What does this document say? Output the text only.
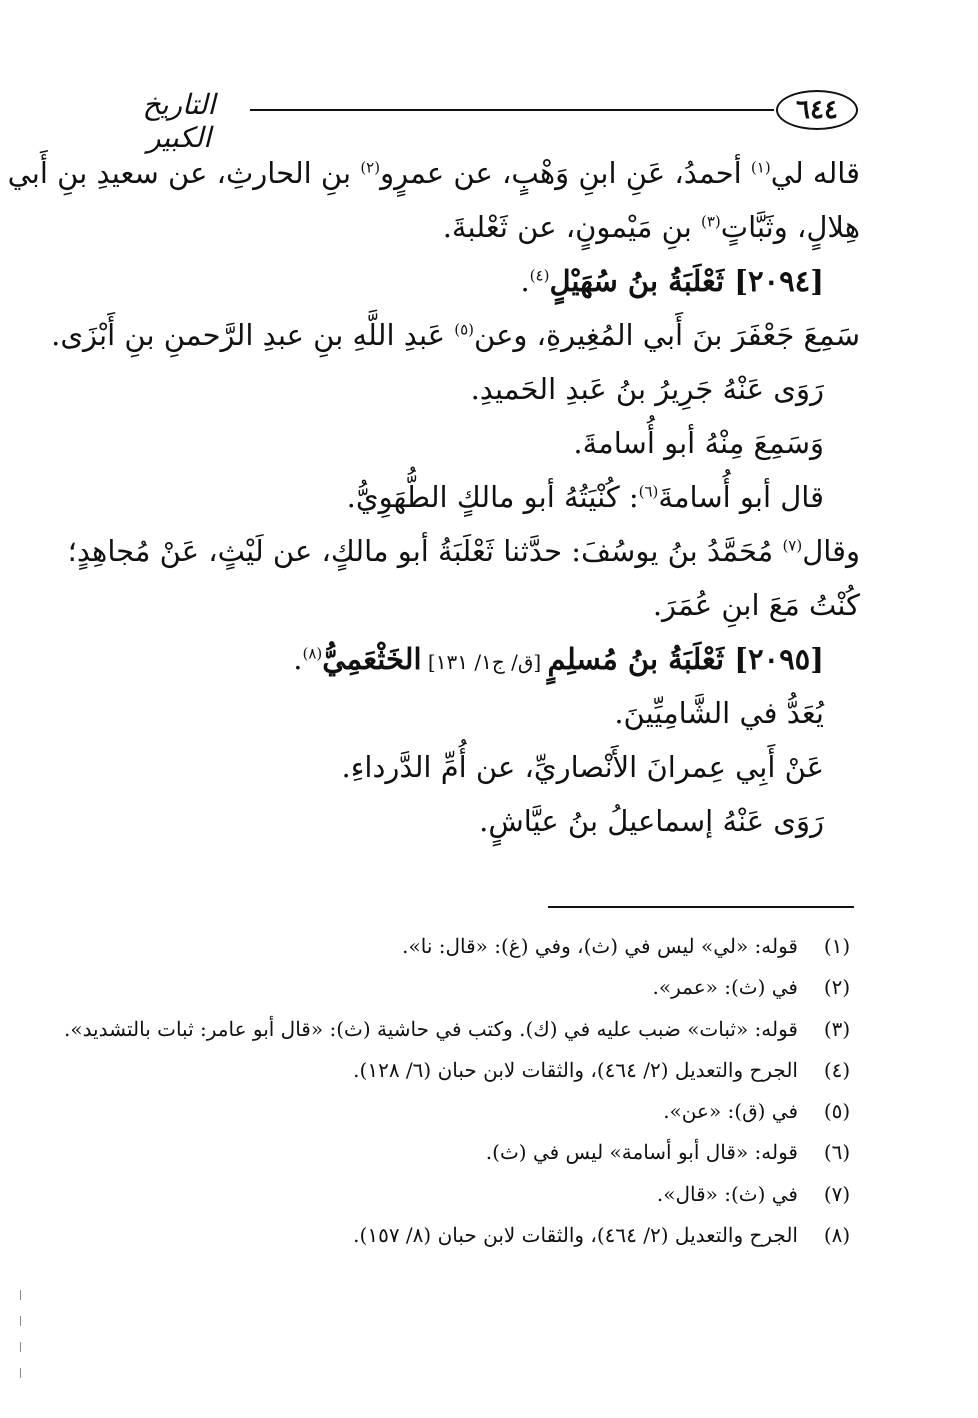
التاريخ الكبير
٦٤٤
قاله لي$^{(١)}$ أحمدُ، عَنِ ابنِ وَهْبٍ، عن عمرٍو$^{(٢)}$ بنِ الحارثِ، عن سعيدِ بنِ أَبي
هِلالٍ، وثَبَّاتٍ$^{(٣)}$ بنِ مَيْمونٍ، عن ثَعْلبةَ.
[٢٠٩٤] ثَعْلَبَةُ بنُ سُهَيْلٍ$^{(٤)}$.
سَمِعَ جَعْفَرَ بنَ أَبي المُغِيرةِ، وعن$^{(٥)}$ عَبدِ اللَّهِ بنِ عبدِ الرَّحمنِ بنِ أَبْزَى.
رَوَى عَنْهُ جَرِيرُ بنُ عَبدِ الحَميدِ.
وَسَمِعَ مِنْهُ أبو أُسامةَ.
قال أبو أُسامةَ$^{(٦)}$: كُنْيَتُهُ أبو مالكٍ الطُّهَوِيُّ.
وقال$^{(٧)}$ مُحَمَّدُ بنُ يوسُفَ: حدَّثنا ثَعْلَبَةُ أبو مالكٍ، عن لَيْثٍ، عَنْ مُجاهِدٍ؛
كُنْتُ مَعَ ابنِ عُمَرَ.
[٢٠٩٥] ثَعْلَبَةُ بنُ مُسلِمٍ [ق/ ج١/ ١٣١] الخَثْعَمِيُّ$^{(٨)}$.
يُعَدُّ في الشَّامِيِّينَ.
عَنْ أَبِي عِمرانَ الأَنْصاريِّ، عن أُمِّ الدَّرداءِ.
رَوَى عَنْهُ إسماعيلُ بنُ عيَّاشٍ.
(١)
قوله: «لي» ليس في (ث)، وفي (غ): «قال: نا».
(٢)
في (ث): «عمر».
(٣)
قوله: «ثبات» ضبب عليه في (ك). وكتب في حاشية (ث): «قال أبو عامر: ثبات بالتشديد».
(٤)
الجرح والتعديل (٢/ ٤٦٤)، والثقات لابن حبان (٦/ ١٢٨).
(٥)
في (ق): «عن».
(٦)
قوله: «قال أبو أسامة» ليس في (ث).
(٧)
في (ث): «قال».
(٨)
الجرح والتعديل (٢/ ٤٦٤)، والثقات لابن حبان (٨/ ١٥٧).
